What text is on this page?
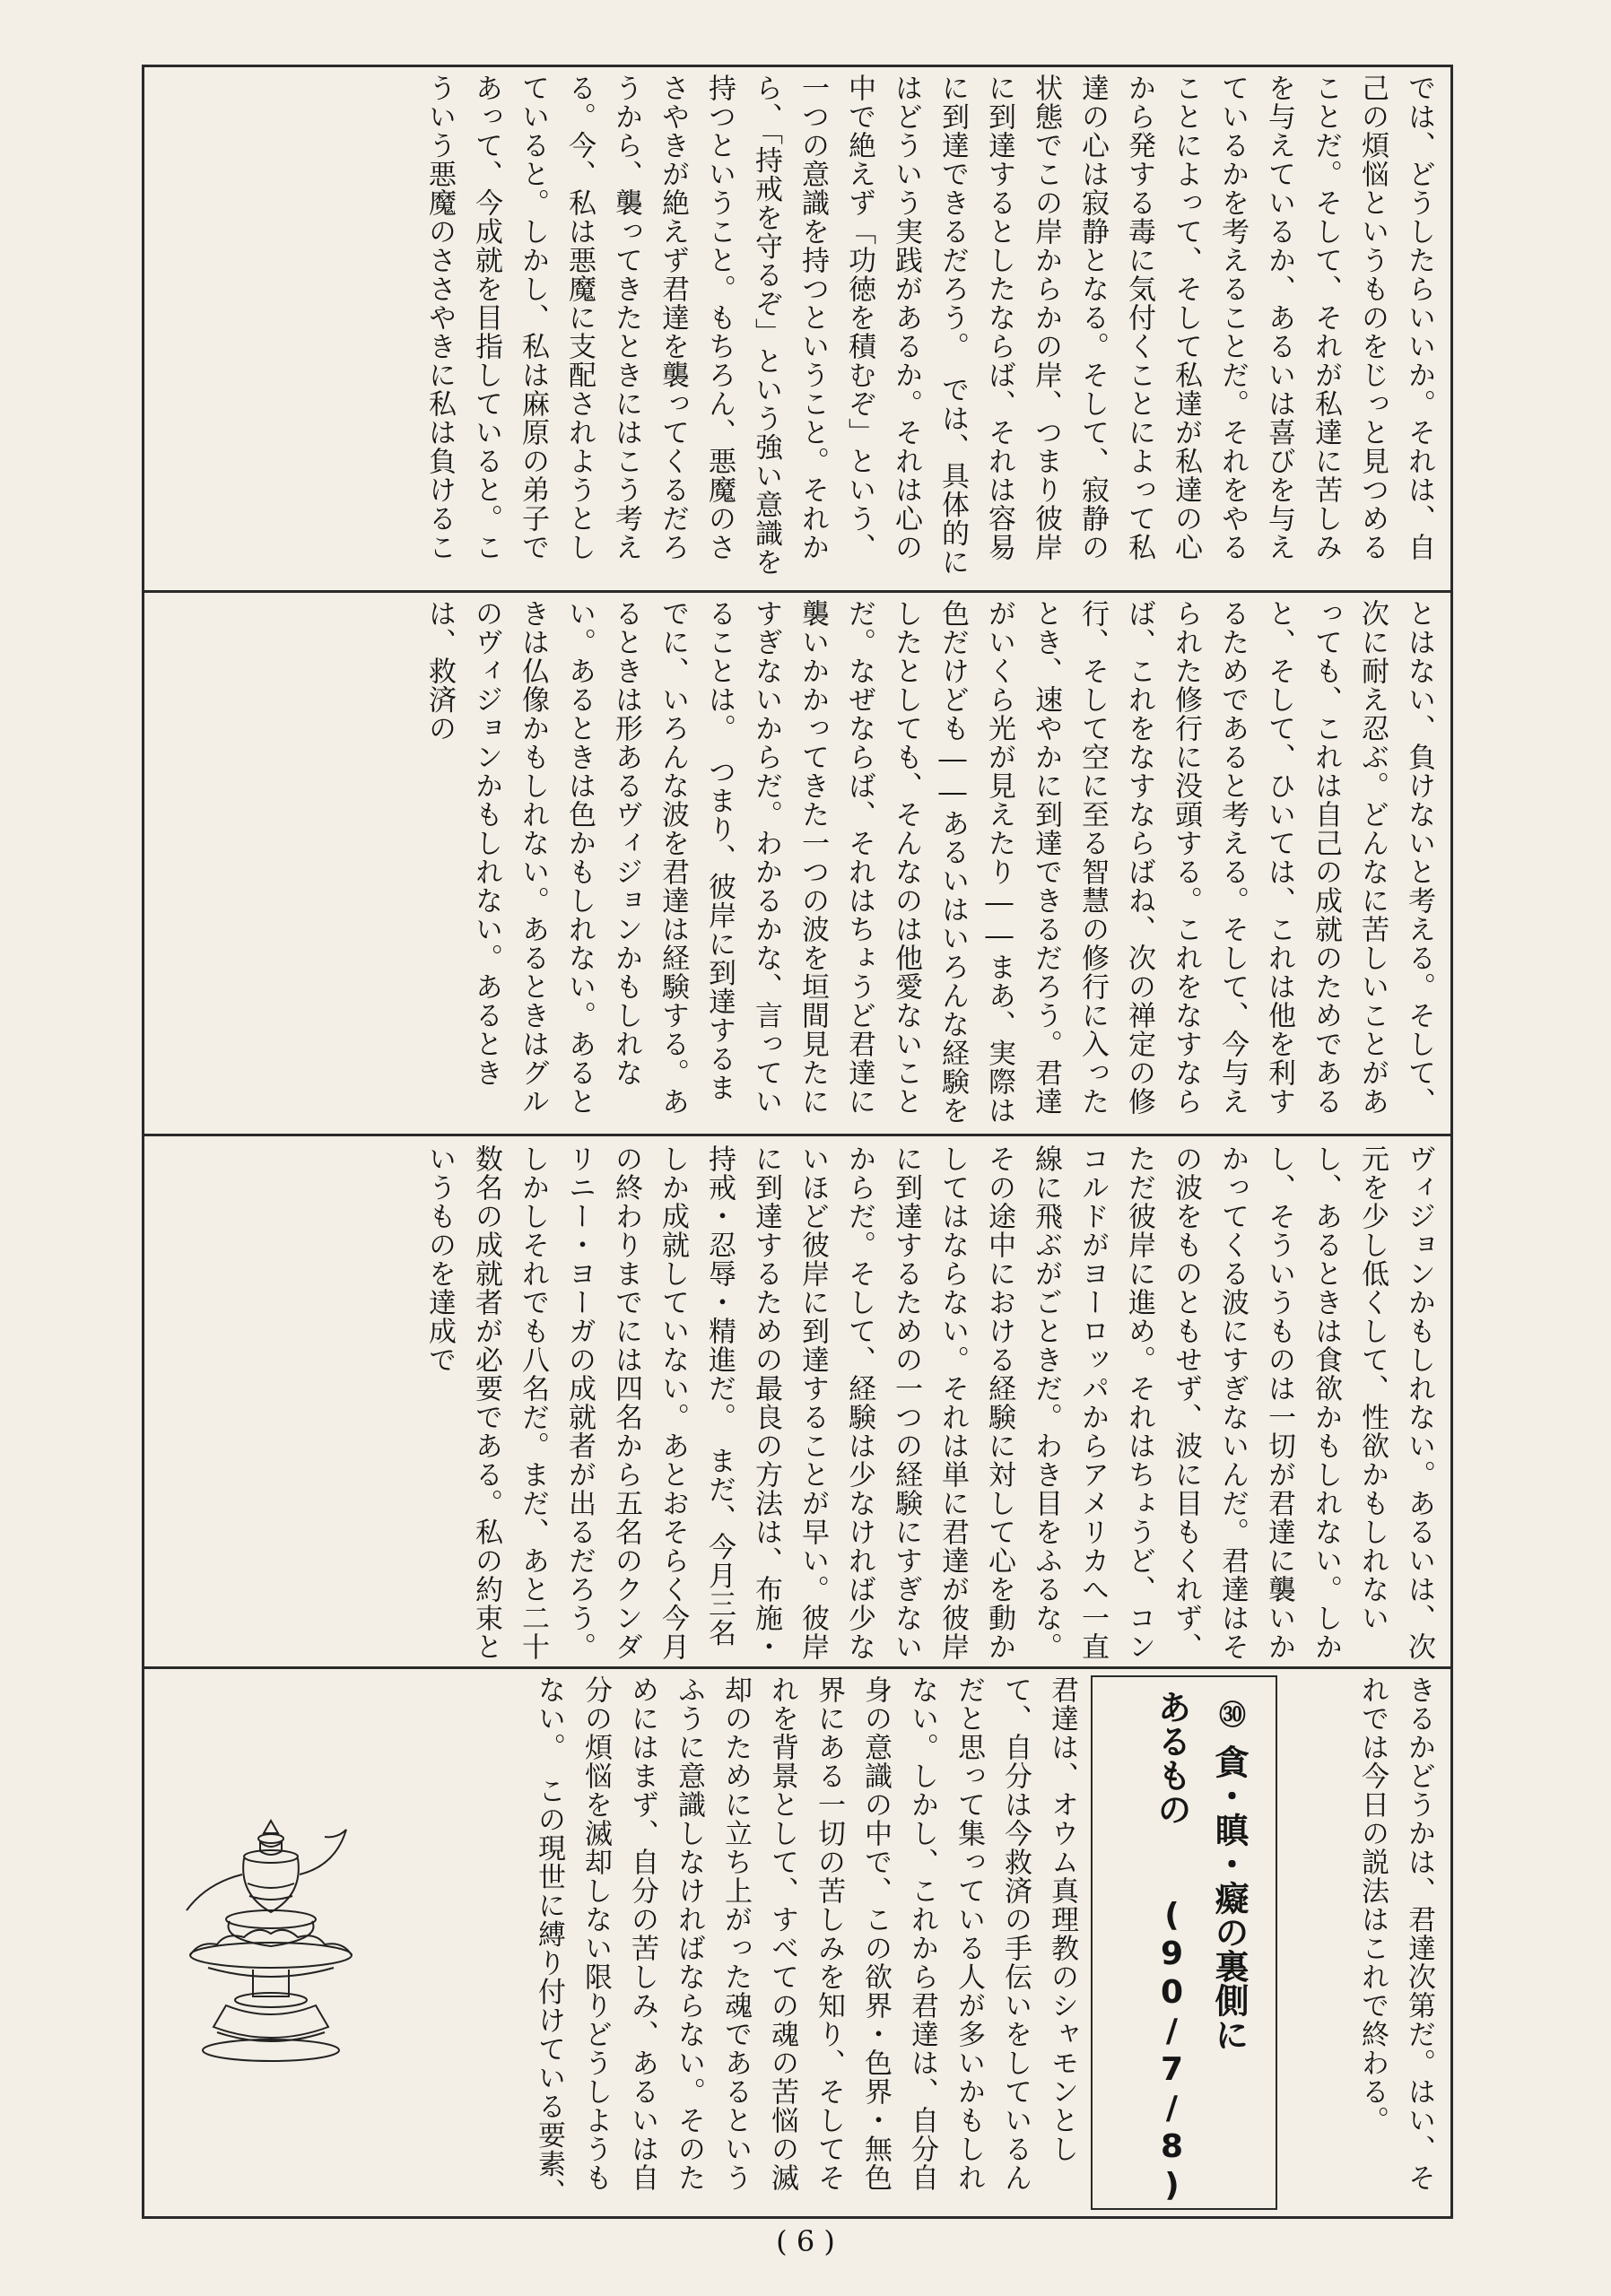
では、どうしたらいいか。それは、自己の煩悩というものをじっと見つめることだ。そして、それが私達に苦しみを与えているか、あるいは喜びを与えているかを考えることだ。それをやることによって、そして私達が私達の心から発する毒に気付くことによって私達の心は寂静となる。そして、寂静の状態でこの岸からかの岸、つまり彼岸に到達するとしたならば、それは容易に到達できるだろう。　では、具体的にはどういう実践があるか。それは心の中で絶えず「功徳を積むぞ」という、一つの意識を持つということ。それから、「持戒を守るぞ」という強い意識を持つということ。もちろん、悪魔のささやきが絶えず君達を襲ってくるだろうから、襲ってきたときにはこう考える。今、私は悪魔に支配されようとしていると。しかし、私は麻原の弟子であって、今成就を目指していると。こういう悪魔のささやきに私は負けるこ

とはない、負けないと考える。そして、次に耐え忍ぶ。どんなに苦しいことがあっても、これは自己の成就のためであると、そして、ひいては、これは他を利するためであると考える。そして、今与えられた修行に没頭する。これをなすならば、これをなすならばね、次の禅定の修行、そして空に至る智慧の修行に入ったとき、速やかに到達できるだろう。君達がいくら光が見えたり――まあ、実際は色だけども――あるいはいろんな経験をしたとしても、そんなのは他愛ないことだ。なぜならば、それはちょうど君達に襲いかかってきた一つの波を垣間見たにすぎないからだ。わかるかな、言っていることは。　つまり、彼岸に到達するまでに、いろんな波を君達は経験する。あるときは形あるヴィジョンかもしれない。あるときは色かもしれない。あるときは仏像かもしれない。あるときはグルのヴィジョンかもしれない。あるときは、救済の

ヴィジョンかもしれない。あるいは、次元を少し低くして、性欲かもしれないし、あるときは食欲かもしれない。しかし、そういうものは一切が君達に襲いかかってくる波にすぎないんだ。君達はその波をものともせず、波に目もくれず、ただ彼岸に進め。それはちょうど、コンコルドがヨーロッパからアメリカへ一直線に飛ぶがごときだ。わき目をふるな。その途中における経験に対して心を動かしてはならない。それは単に君達が彼岸に到達するための一つの経験にすぎないからだ。そして、経験は少なければ少ないほど彼岸に到達することが早い。彼岸に到達するための最良の方法は、布施・持戒・忍辱・精進だ。　まだ、今月三名しか成就していない。あとおそらく今月の終わりまでには四名から五名のクンダリニー・ヨーガの成就者が出るだろう。しかしそれでも八名だ。まだ、あと二十数名の成就者が必要である。私の約束というものを達成で

きるかどうかは、君達次第だ。はい、それでは今日の説法はこれで終わる。

㉚ 貪・瞋・癡の裏側に
あるもの (90/7/8)

君達は、オウム真理教のシャモンとして、自分は今救済の手伝いをしているんだと思って集っている人が多いかもしれない。しかし、これから君達は、自分自身の意識の中で、この欲界・色界・無色界にある一切の苦しみを知り、そしてそれを背景として、すべての魂の苦悩の滅却のために立ち上がった魂であるというふうに意識しなければならない。そのためにはまず、自分の苦しみ、あるいは自分の煩悩を滅却しない限りどうしようもない。　この現世に縛り付けている要素、

( 6 )
